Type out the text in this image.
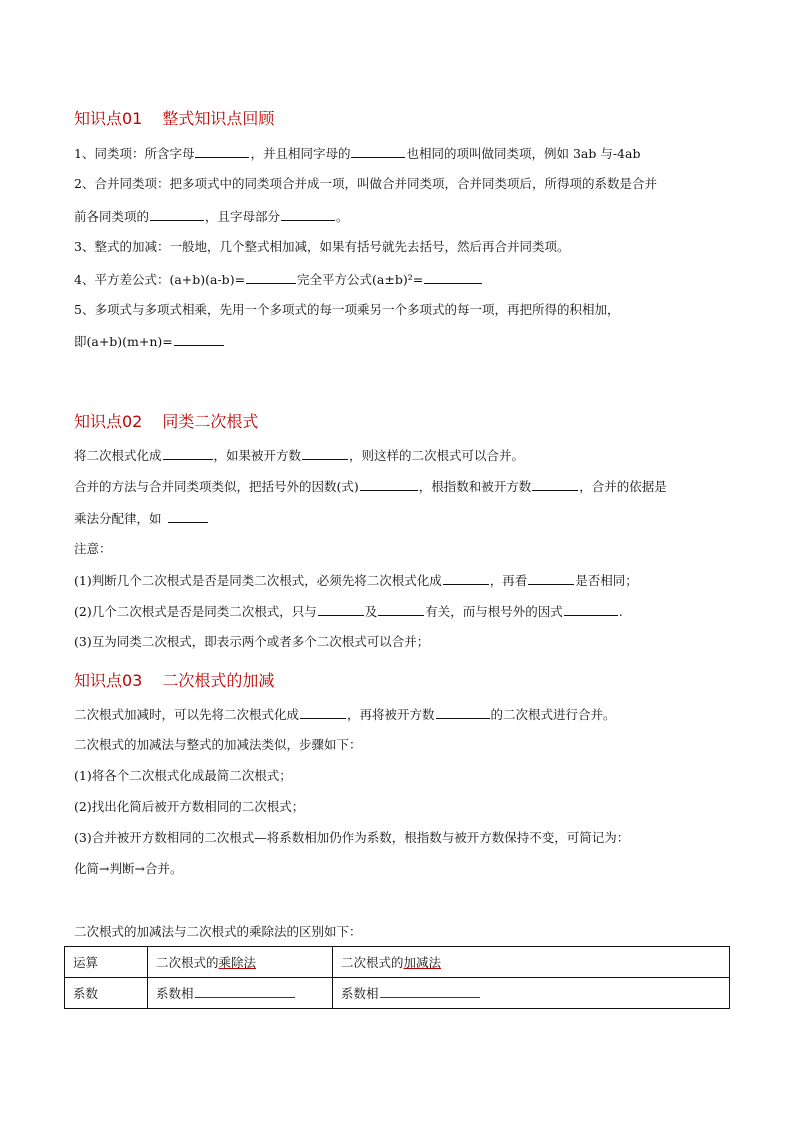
知识点01 整式知识点回顾
1、同类项：所含字母	，并且相同字母的	也相同的项叫做同类项，例如 3ab 与-4ab
2、合并同类项：把多项式中的同类项合并成一项，叫做合并同类项，合并同类项后，所得项的系数是合并
前各同类项的	，且字母部分	。
3、整式的加减：一般地，几个整式相加减，如果有括号就先去括号，然后再合并同类项。
4、平方差公式：(a+b)(a-b)=	完全平方公式(a±b)²=
5、多项式与多项式相乘，先用一个多项式的每一项乘另一个多项式的每一项，再把所得的积相加，
即(a+b)(m+n)=
知识点02 同类二次根式
将二次根式化成	，如果被开方数	，则这样的二次根式可以合并。
合并的方法与合并同类项类似，把括号外的因数(式)	，根指数和被开方数	，合并的依据是
乘法分配律，如
注意：
(1)判断几个二次根式是否是同类二次根式，必须先将二次根式化成	，再看	是否相同；
(2)几个二次根式是否是同类二次根式，只与	及	有关，而与根号外的因式	.
(3)互为同类二次根式，即表示两个或者多个二次根式可以合并；
知识点03 二次根式的加减
二次根式加减时，可以先将二次根式化成	，再将被开方数	的二次根式进行合并。
二次根式的加减法与整式的加减法类似，步骤如下：
(1)将各个二次根式化成最简二次根式；
(2)找出化简后被开方数相同的二次根式；
(3)合并被开方数相同的二次根式—将系数相加仍作为系数，根指数与被开方数保持不变，可简记为：
化简→判断→合并。
二次根式的加减法与二次根式的乘除法的区别如下：
运算	二次根式的乘除法	二次根式的加减法
系数	系数相	系数相
